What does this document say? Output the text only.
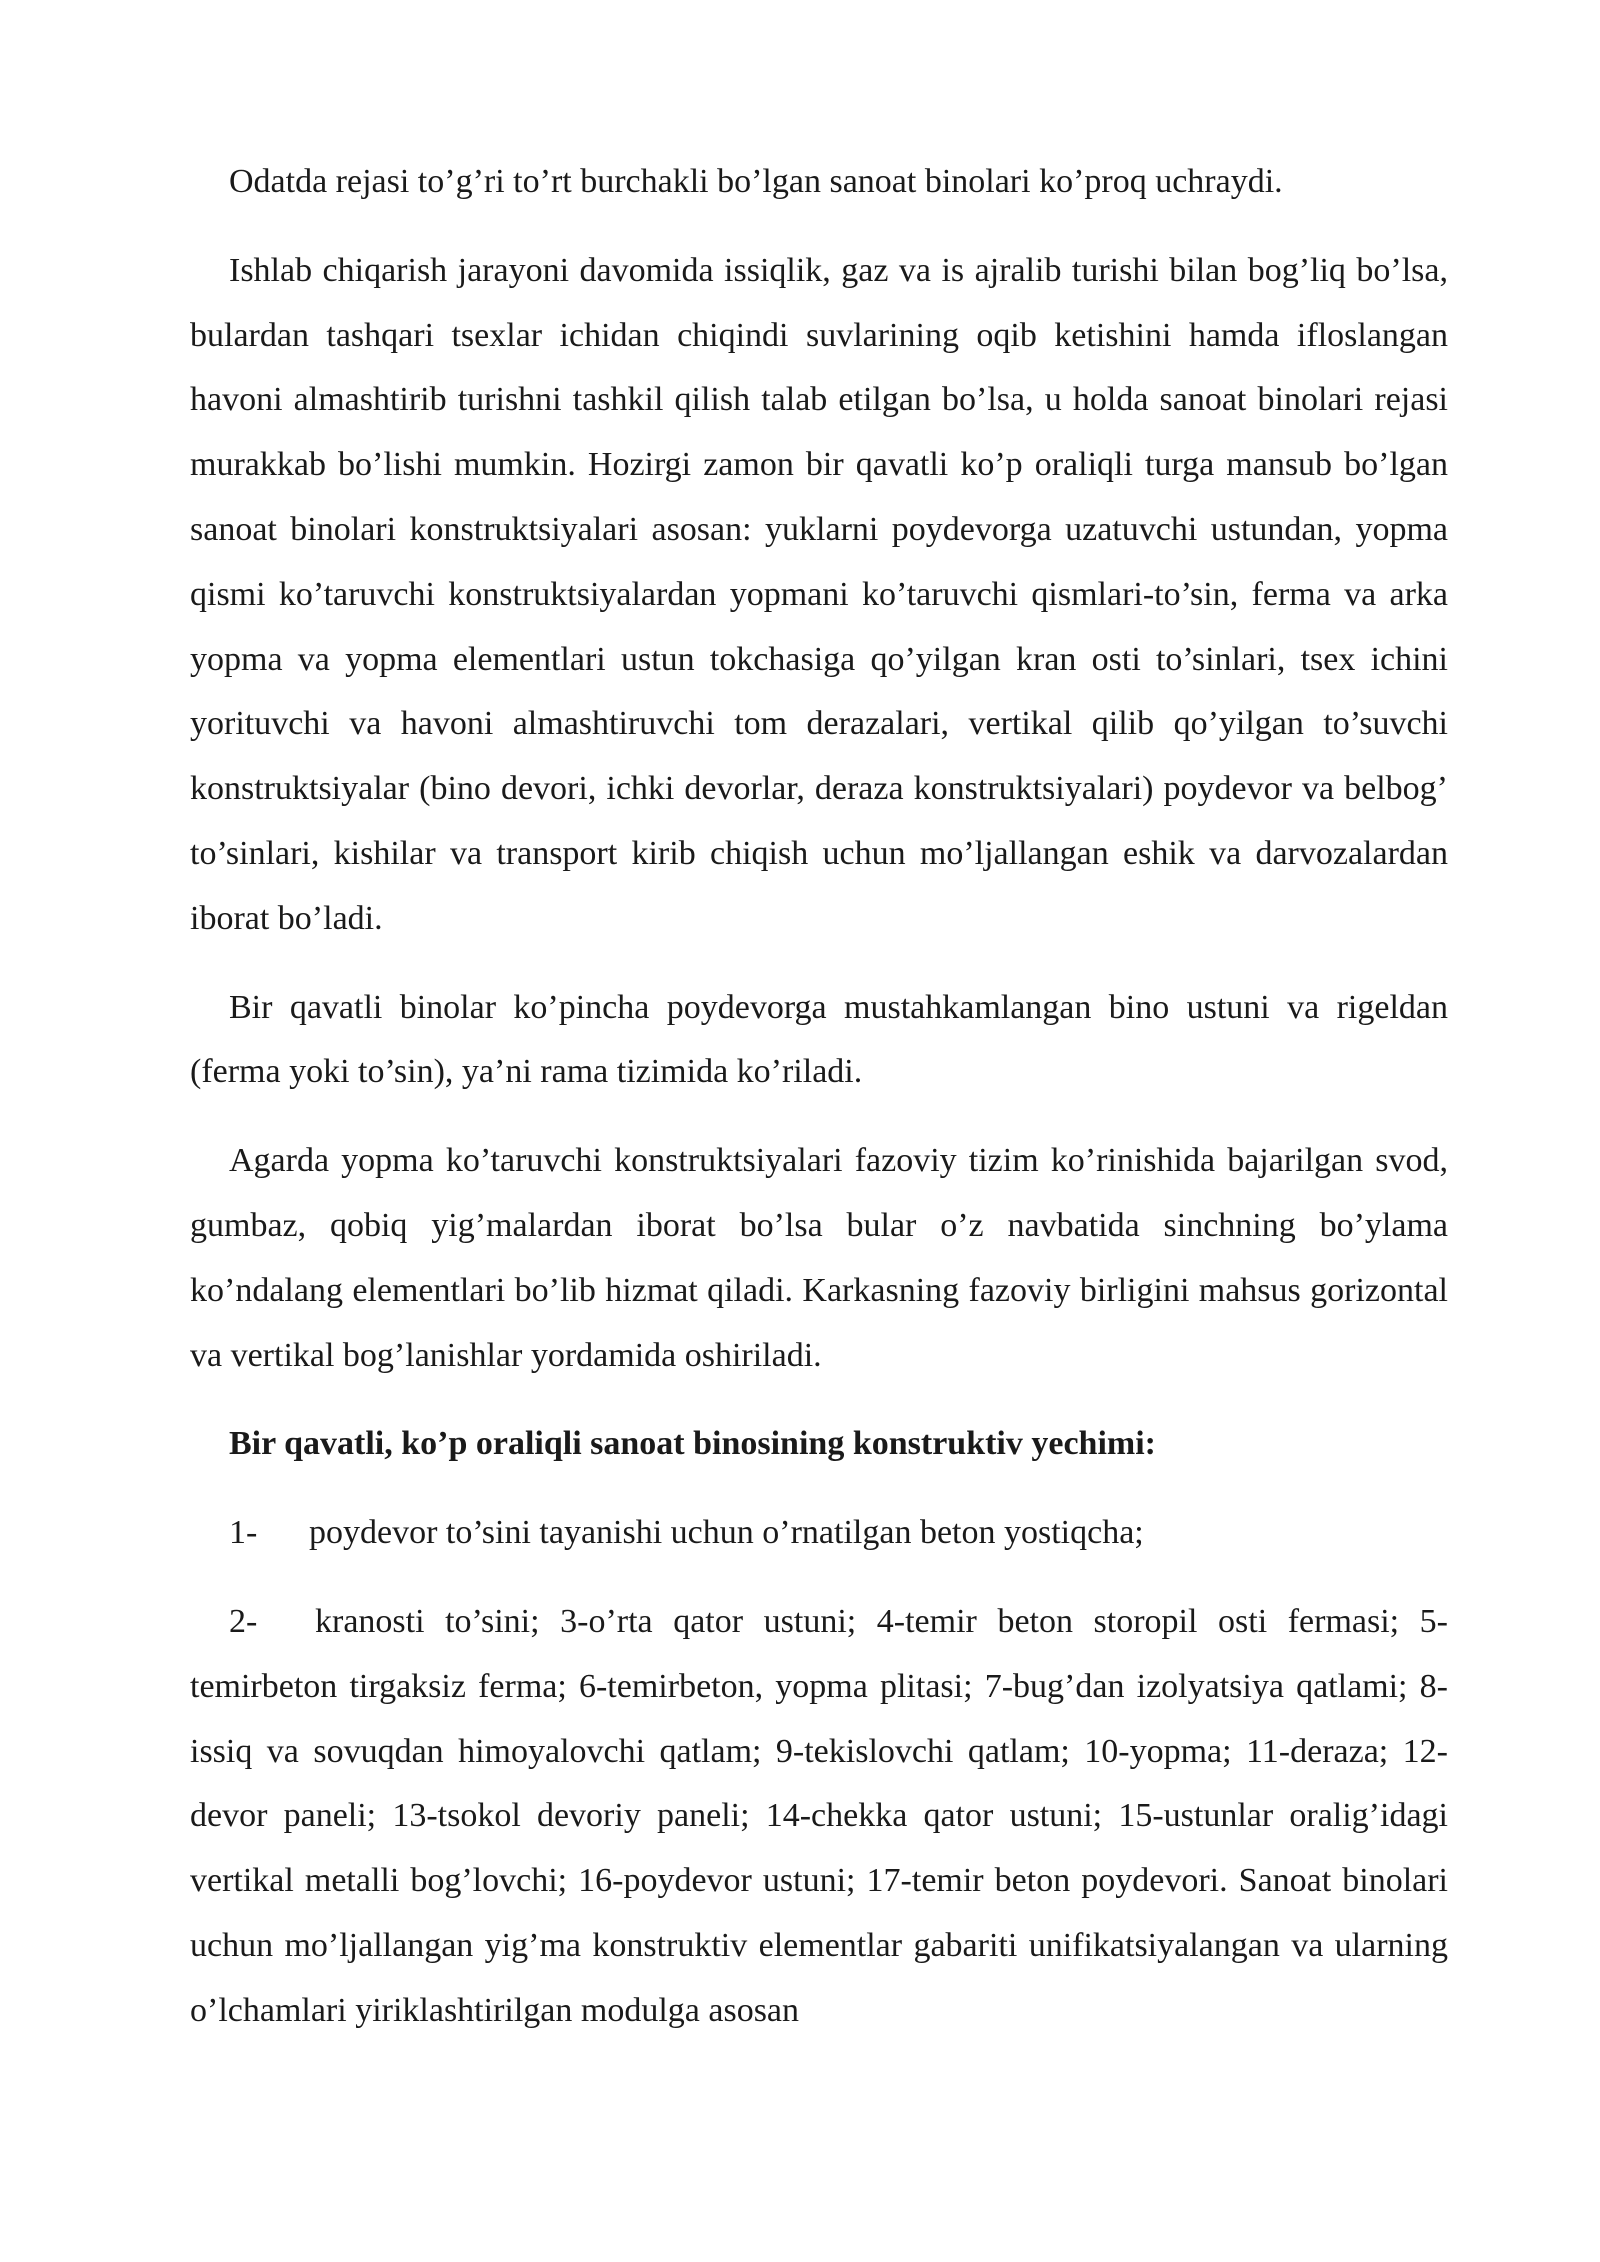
Odatda rejasi to’g’ri to’rt burchakli bo’lgan sanoat binolari ko’proq uchraydi.

Ishlab chiqarish jarayoni davomida issiqlik, gaz va is ajralib turishi bilan bog’liq bo’lsa, bulardan tashqari tsexlar ichidan chiqindi suvlarining oqib ketishini hamda ifloslangan havoni almashtirib turishni tashkil qilish talab etilgan bo’lsa, u holda sanoat binolari rejasi murakkab bo’lishi mumkin. Hozirgi zamon bir qavatli ko’p oraliqli turga mansub bo’lgan sanoat binolari konstruktsiyalari asosan: yuklarni poydevorga uzatuvchi ustundan, yopma qismi ko’taruvchi konstruktsiyalardan yopmani ko’taruvchi qismlari-to’sin, ferma va arka yopma va yopma elementlari ustun tokchasiga qo’yilgan kran osti to’sinlari, tsex ichini yorituvchi va havoni almashtiruvchi tom derazalari, vertikal qilib qo’yilgan to’suvchi konstruktsiyalar (bino devori, ichki devorlar, deraza konstruktsiyalari) poydevor va belbog’ to’sinlari, kishilar va transport kirib chiqish uchun mo’ljallangan eshik va darvozalardan iborat bo’ladi.

Bir qavatli binolar ko’pincha poydevorga mustahkamlangan bino ustuni va rigeldan (ferma yoki to’sin), ya’ni rama tizimida ko’riladi.

Agarda yopma ko’taruvchi konstruktsiyalari fazoviy tizim ko’rinishida bajarilgan svod, gumbaz, qobiq yig’malardan iborat bo’lsa bular o’z navbatida sinchning bo’ylama ko’ndalang elementlari bo’lib hizmat qiladi. Karkasning fazoviy birligini mahsus gorizontal va vertikal bog’lanishlar yordamida oshiriladi.

Bir qavatli, ko’p oraliqli sanoat binosining konstruktiv yechimi:

1- poydevor to’sini tayanishi uchun o’rnatilgan beton yostiqcha;

2- kranosti to’sini; 3-o’rta qator ustuni; 4-temir beton storopil osti fermasi; 5-temirbeton tirgaksiz ferma; 6-temirbeton, yopma plitasi; 7-bug’dan izolyatsiya qatlami; 8-issiq va sovuqdan himoyalovchi qatlam; 9-tekislovchi qatlam; 10-yopma; 11-deraza; 12-devor paneli; 13-tsokol devoriy paneli; 14-chekka qator ustuni; 15-ustunlar oralig’idagi vertikal metalli bog’lovchi; 16-poydevor ustuni; 17-temir beton poydevori. Sanoat binolari uchun mo’ljallangan yig’ma konstruktiv elementlar gabariti unifikatsiyalangan va ularning o’lchamlari yiriklashtirilgan modulga asosan
